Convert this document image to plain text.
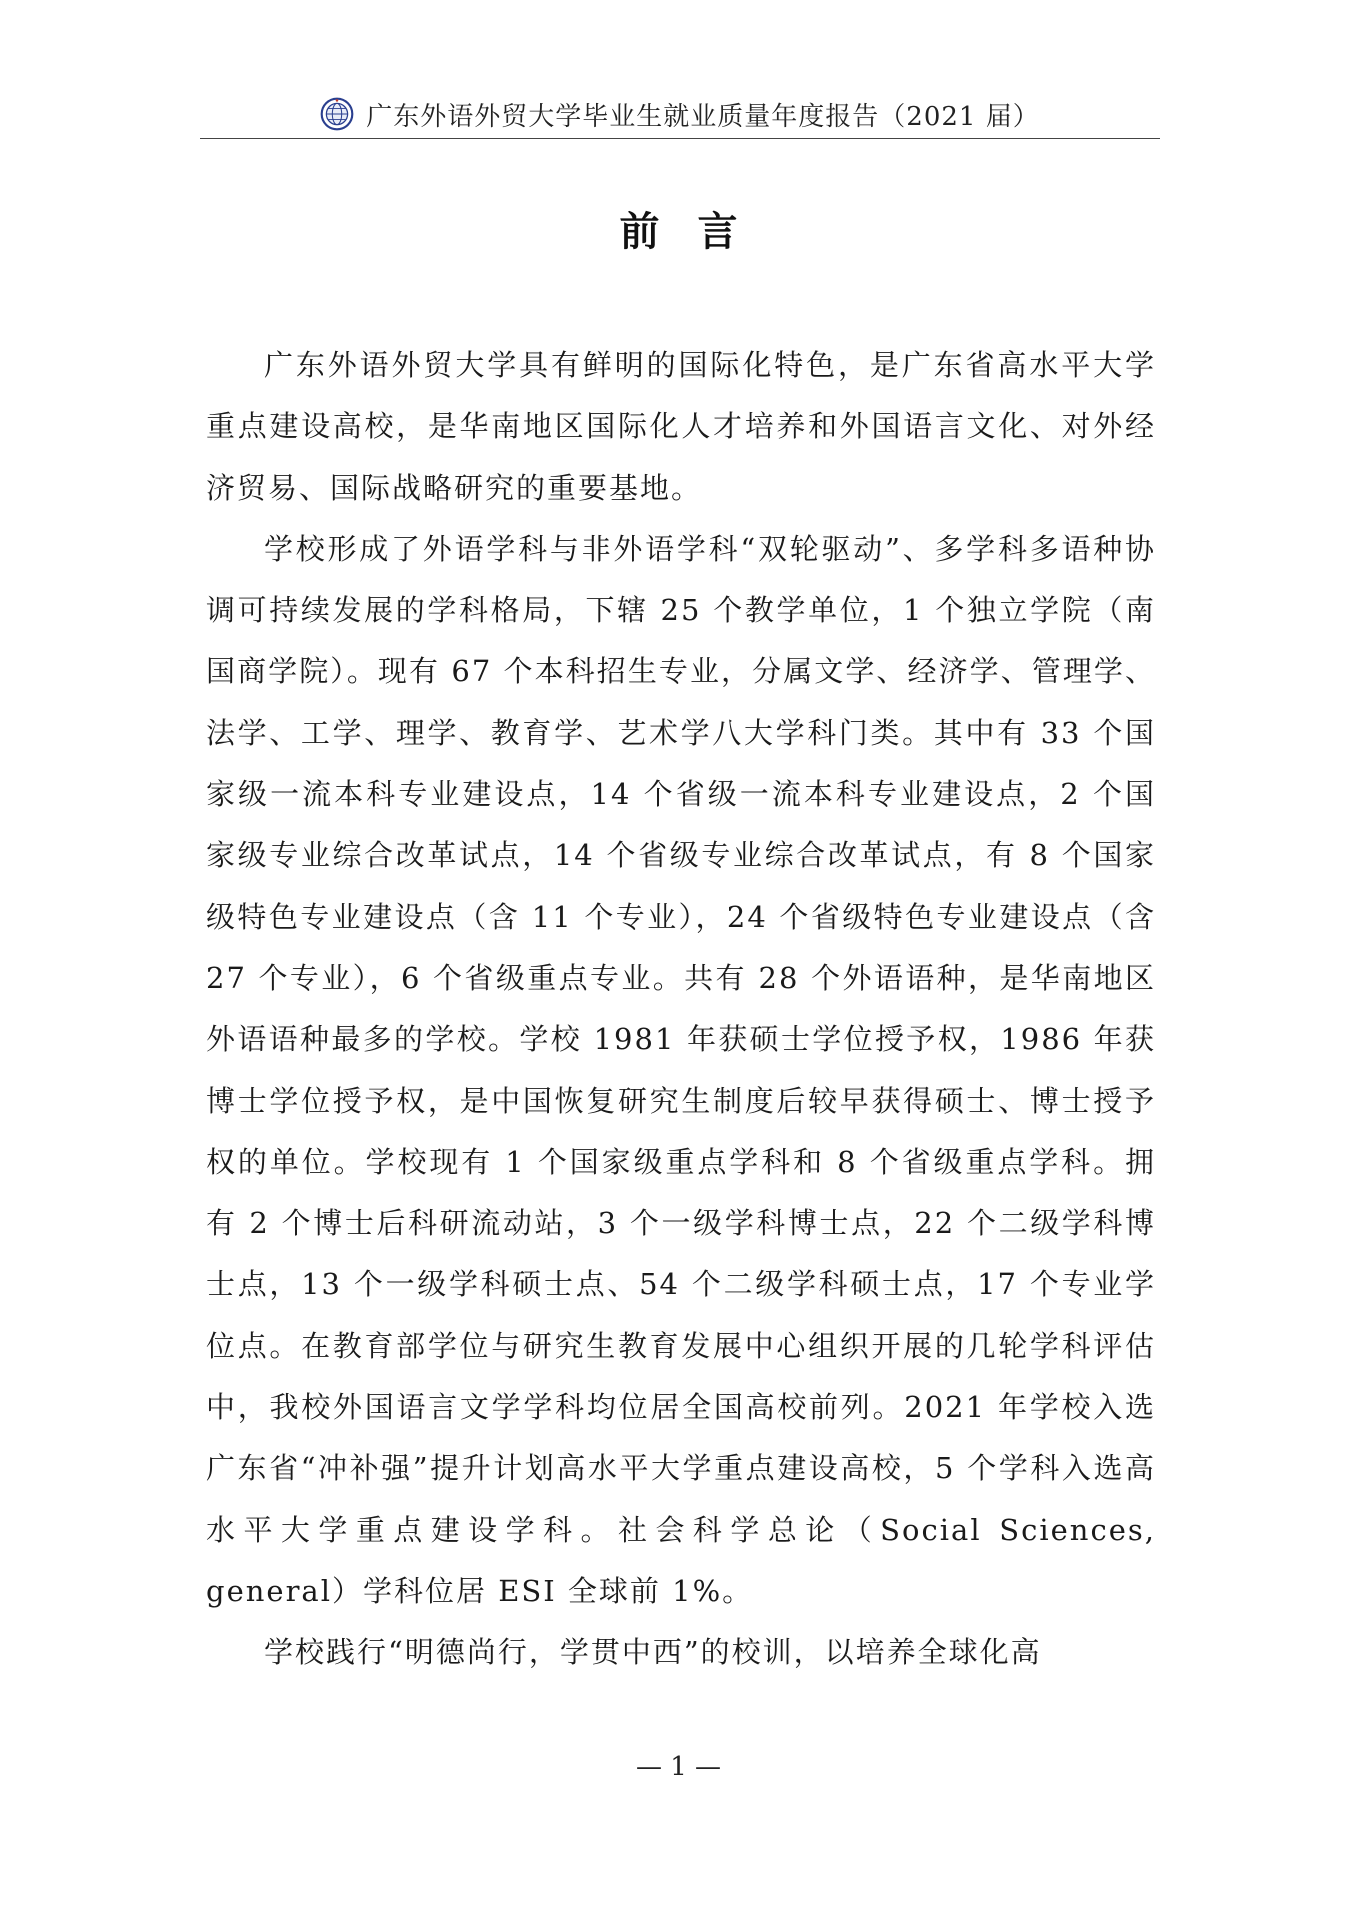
广东外语外贸大学毕业生就业质量年度报告（2021 届）
前言

广东外语外贸大学具有鲜明的国际化特色，是广东省高水平大学重点建设高校，是华南地区国际化人才培养和外国语言文化、对外经济贸易、国际战略研究的重要基地。

学校形成了外语学科与非外语学科“双轮驱动”、多学科多语种协调可持续发展的学科格局，下辖 25 个教学单位，1 个独立学院（南国商学院）。现有 67 个本科招生专业，分属文学、经济学、管理学、法学、工学、理学、教育学、艺术学八大学科门类。其中有 33 个国家级一流本科专业建设点，14 个省级一流本科专业建设点，2 个国家级专业综合改革试点，14 个省级专业综合改革试点，有 8 个国家级特色专业建设点（含 11 个专业），24 个省级特色专业建设点（含 27 个专业），6 个省级重点专业。共有 28 个外语语种，是华南地区外语语种最多的学校。学校 1981 年获硕士学位授予权，1986 年获博士学位授予权，是中国恢复研究生制度后较早获得硕士、博士授予权的单位。学校现有 1 个国家级重点学科和 8 个省级重点学科。拥有 2 个博士后科研流动站，3 个一级学科博士点，22 个二级学科博士点，13 个一级学科硕士点、54 个二级学科硕士点，17 个专业学位点。在教育部学位与研究生教育发展中心组织开展的几轮学科评估中，我校外国语言文学学科均位居全国高校前列。2021 年学校入选广东省“冲补强”提升计划高水平大学重点建设高校，5 个学科入选高水平大学重点建设学科。社会科学总论（Social Sciences, general）学科位居 ESI 全球前 1%。

学校践行“明德尚行，学贯中西”的校训，以培养全球化高

— 1 —
